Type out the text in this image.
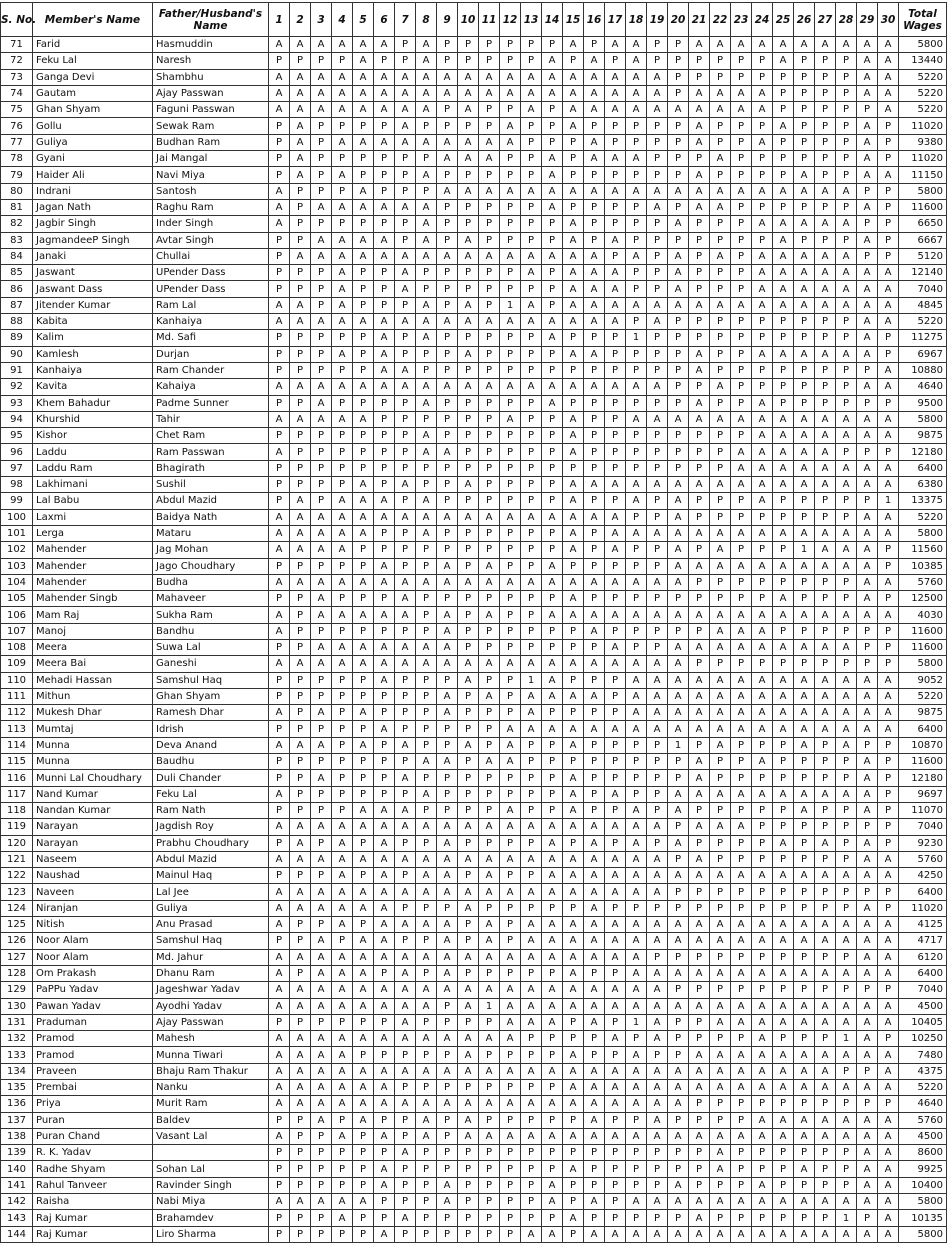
S. No.	Member's Name	Father/Husband's Name	1	2	3	4	5	6	7	8	9	10	11	12	13	14	15	16	17	18	19	20	21	22	23	24	25	26	27	28	29	30	Total Wages
71	Farid	Hasmuddin	A	A	A	A	A	A	P	A	P	P	P	P	P	P	A	P	A	A	P	P	A	A	A	A	A	A	A	A	A	A	5800
72	Feku Lal	Naresh	P	P	P	P	A	P	P	A	P	P	P	P	P	A	P	A	P	A	P	P	P	P	P	P	A	P	P	P	A	A	13440
73	Ganga Devi	Shambhu	A	A	A	A	A	A	A	A	A	A	A	A	A	A	A	A	A	A	A	P	P	P	P	P	P	P	P	P	A	A	5220
74	Gautam	Ajay Passwan	A	A	A	A	A	A	A	A	A	A	A	A	A	A	A	A	A	A	A	P	A	A	A	A	P	P	P	P	A	A	5220
75	Ghan Shyam	Faguni Passwan	A	A	A	A	A	A	A	A	P	A	P	P	A	P	A	A	A	A	A	A	A	A	A	A	P	P	P	P	P	A	5220
76	Gollu	Sewak Ram	P	A	P	P	P	P	A	P	P	P	P	A	P	P	A	P	P	P	P	P	A	P	P	P	A	P	P	P	A	P	11020
77	Guliya	Budhan Ram	P	A	P	A	A	A	A	A	A	A	A	A	P	P	P	A	P	P	P	P	A	P	P	A	P	P	P	P	A	P	9380
78	Gyani	Jai Mangal	P	A	P	P	P	P	P	P	A	A	A	P	P	A	P	A	A	A	P	P	P	A	P	P	P	P	P	P	A	P	11020
79	Haider Ali	Navi Miya	P	A	P	A	P	P	P	A	P	P	P	P	P	A	P	P	P	P	P	P	A	P	P	P	P	A	P	P	A	A	11150
80	Indrani	Santosh	A	P	P	P	A	P	P	P	A	A	A	A	A	A	A	A	A	A	A	A	A	A	A	A	A	A	A	A	P	P	5800
81	Jagan Nath	Raghu Ram	A	P	A	A	A	A	A	A	P	P	P	P	P	A	P	P	P	P	A	P	A	A	P	P	P	P	P	P	A	P	11600
82	Jagbir Singh	Inder Singh	A	P	P	P	P	P	P	A	P	P	P	P	P	P	A	P	P	P	P	A	P	P	P	A	A	A	A	A	P	P	6650
83	JagmandeeP Singh	Avtar Singh	P	P	A	A	A	A	P	A	P	A	P	P	P	P	A	P	A	P	P	P	P	P	P	P	A	P	P	P	A	P	6667
84	Janaki	Chullai	P	A	A	A	A	A	A	A	A	A	A	A	A	A	A	A	P	A	P	A	P	A	P	A	A	A	A	A	P	P	5120
85	Jaswant	UPender Dass	P	P	P	A	P	P	A	P	P	P	P	P	A	P	A	A	A	P	P	A	P	P	P	A	A	A	A	A	A	A	12140
86	Jaswant Dass	UPender Dass	P	P	P	A	P	P	A	P	P	P	P	P	P	P	A	A	A	P	P	A	P	P	P	A	A	A	A	A	A	A	7040
87	Jitender Kumar	Ram Lal	A	A	P	A	P	P	P	A	P	A	P	1	A	P	A	A	A	A	A	A	A	A	A	A	A	A	A	A	A	A	4845
88	Kabita	Kanhaiya	A	A	A	A	A	A	A	A	A	A	A	A	A	A	A	A	A	P	A	P	P	P	P	P	P	P	P	P	A	A	5220
89	Kalim	Md. Safi	P	P	P	P	P	A	P	A	P	P	P	P	P	A	P	P	P	1	P	P	P	P	P	P	P	P	P	P	A	P	11275
90	Kamlesh	Durjan	P	P	P	A	P	A	P	P	P	A	P	P	P	P	A	A	P	P	P	P	A	P	P	A	A	A	A	A	A	P	6967
91	Kanhaiya	Ram Chander	P	P	P	P	P	A	A	P	P	P	P	P	P	P	P	P	P	P	P	P	A	P	P	P	P	P	P	P	P	A	10880
92	Kavita	Kahaiya	A	A	A	A	A	A	A	A	A	A	A	A	A	A	A	A	A	A	A	P	P	A	P	P	P	P	P	P	A	A	4640
93	Khem Bahadur	Padme Sunner	P	P	A	P	P	P	P	A	P	P	P	P	P	A	P	P	P	P	P	P	A	P	P	A	P	P	P	P	P	P	9500
94	Khurshid	Tahir	A	A	A	A	A	P	P	P	P	P	P	A	P	P	A	P	P	A	A	A	A	A	A	A	A	A	A	A	A	A	5800
95	Kishor	Chet Ram	P	P	P	P	P	P	P	A	P	P	P	P	P	P	A	P	P	P	P	P	P	P	P	A	A	A	A	A	A	A	9875
96	Laddu	Ram Passwan	A	P	P	P	P	P	P	A	A	P	P	P	P	P	A	P	P	P	P	P	P	P	A	A	A	A	A	P	P	P	12180
97	Laddu Ram	Bhagirath	P	P	P	P	P	P	P	P	P	P	P	P	P	P	P	P	P	P	P	P	P	P	A	A	A	A	A	A	A	A	6400
98	Lakhimani	Sushil	P	P	P	P	A	P	A	P	P	A	P	P	P	P	A	A	A	A	A	A	A	A	A	A	A	A	A	A	A	A	6380
99	Lal Babu	Abdul Mazid	P	A	P	A	A	A	P	A	P	P	P	P	P	P	A	P	P	A	P	A	P	P	P	A	P	P	P	P	P	1	13375
100	Laxmi	Baidya Nath	A	A	A	A	A	A	A	A	A	A	A	A	A	A	A	A	A	P	P	A	P	P	P	P	P	P	P	P	A	A	5220
101	Lerga	Mataru	A	A	A	A	A	P	P	A	P	P	P	P	P	P	A	P	A	A	A	A	A	A	A	A	A	A	A	A	A	A	5800
102	Mahender	Jag Mohan	A	A	A	A	P	P	P	P	P	P	P	P	P	P	A	P	A	P	P	A	P	A	P	P	P	1	A	A	A	P	11560
103	Mahender	Jago Choudhary	P	P	P	P	P	A	P	P	A	P	A	P	P	A	P	P	P	P	P	A	A	A	A	A	A	A	A	A	A	P	10385
104	Mahender	Budha	A	A	A	A	A	A	A	A	A	A	A	A	A	A	A	A	A	A	A	A	P	P	P	P	P	P	P	P	A	A	5760
105	Mahender Singb	Mahaveer	P	P	A	P	P	P	A	P	P	P	P	P	P	P	A	P	P	P	P	P	P	P	P	P	A	P	P	P	A	P	12500
106	Mam Raj	Sukha Ram	A	P	A	A	A	A	A	P	A	P	A	P	P	A	A	A	A	A	A	A	A	A	A	A	A	A	A	A	A	A	4030
107	Manoj	Bandhu	A	P	P	P	P	P	P	P	A	P	P	P	P	P	P	A	P	P	P	P	P	A	A	A	P	P	P	P	P	P	11600
108	Meera	Suwa Lal	P	P	A	A	A	A	A	A	A	P	P	P	P	P	P	P	A	P	P	A	A	A	A	A	A	A	A	A	P	P	11600
109	Meera Bai	Ganeshi	A	A	A	A	A	A	A	A	A	A	A	A	A	A	A	A	A	A	A	A	P	P	P	P	P	P	P	P	P	P	5800
110	Mehadi Hassan	Samshul Haq	P	P	P	P	P	A	P	P	P	A	P	P	1	A	P	P	P	A	A	A	A	A	A	A	A	A	A	A	A	A	9052
111	Mithun	Ghan Shyam	P	P	P	P	P	P	P	P	A	P	A	P	A	A	A	A	P	A	A	A	A	A	A	A	A	A	A	A	A	A	5220
112	Mukesh Dhar	Ramesh Dhar	A	P	A	P	A	P	P	P	A	P	P	P	A	P	P	P	P	A	A	A	A	A	A	A	A	A	A	A	A	A	9875
113	Mumtaj	Idrish	P	P	P	P	P	A	P	P	P	P	P	A	A	A	A	A	A	A	A	A	A	A	A	A	A	A	A	A	A	A	6400
114	Munna	Deva Anand	A	A	A	P	A	P	A	P	P	A	P	A	P	P	A	P	P	P	P	1	P	A	P	P	P	A	P	A	P	P	10870
115	Munna	Baudhu	P	P	P	P	P	P	P	A	A	P	A	A	P	P	P	P	P	P	P	P	A	P	P	A	P	P	P	P	A	P	11600
116	Munni Lal Choudhary	Duli Chander	P	P	A	P	P	P	A	P	P	P	P	P	P	P	A	P	P	P	P	P	A	P	P	P	P	P	P	P	A	P	12180
117	Nand Kumar	Feku Lal	A	P	P	P	P	P	P	A	P	P	P	P	P	P	A	P	A	P	P	A	A	A	A	A	A	A	A	A	A	P	9697
118	Nandan Kumar	Ram Nath	P	P	P	P	A	A	A	P	P	P	P	A	P	P	A	P	P	A	P	A	P	P	P	P	P	A	P	P	A	P	11070
119	Narayan	Jagdish Roy	A	A	A	A	A	A	A	A	A	A	A	A	A	A	A	A	A	A	A	P	A	A	A	P	P	P	P	P	P	P	7040
120	Narayan	Prabhu Choudhary	P	A	P	A	P	A	P	P	A	P	P	P	P	A	P	A	P	A	P	A	P	P	P	P	A	P	A	P	A	P	9230
121	Naseem	Abdul Mazid	A	A	A	A	A	A	A	A	A	A	A	A	A	A	A	A	A	A	A	P	A	P	P	P	P	P	P	P	A	A	5760
122	Naushad	Mainul Haq	P	P	P	A	P	A	P	A	A	P	A	P	P	A	A	A	A	A	A	A	A	A	A	A	A	A	A	A	A	A	4250
123	Naveen	Lal Jee	A	A	A	A	A	A	A	A	A	A	A	A	A	A	A	A	A	A	A	P	P	P	P	P	P	P	P	P	P	P	6400
124	Niranjan	Guliya	A	A	A	A	A	A	P	P	P	A	P	P	P	P	P	A	P	P	P	P	P	P	P	P	P	P	P	P	A	P	11020
125	Nitish	Anu Prasad	A	P	P	A	P	A	A	A	A	P	A	P	A	A	A	A	A	A	A	A	A	A	A	A	A	A	A	A	A	A	4125
126	Noor Alam	Samshul Haq	P	P	A	P	A	A	P	P	A	P	A	P	A	A	A	A	A	A	A	A	A	A	A	A	A	A	A	A	A	A	4717
127	Noor Alam	Md. Jahur	A	A	A	A	A	A	A	A	A	A	A	A	A	A	A	A	A	A	P	P	P	P	P	P	P	P	P	P	A	A	6120
128	Om Prakash	Dhanu Ram	A	P	A	A	A	P	A	P	A	P	P	P	P	P	A	P	P	A	A	A	A	A	A	A	A	A	A	A	A	A	6400
129	PaPPu Yadav	Jageshwar Yadav	A	A	A	A	A	A	A	A	A	A	A	A	A	A	A	A	A	A	A	P	P	P	P	P	P	P	P	P	P	P	7040
130	Pawan Yadav	Ayodhi Yadav	A	A	A	A	A	A	A	A	P	A	1	A	A	A	A	A	A	A	A	A	A	A	A	A	A	A	A	A	A	A	4500
131	Praduman	Ajay Passwan	P	P	P	P	P	P	A	P	P	P	P	A	A	A	P	A	P	1	A	P	P	A	A	A	A	A	A	A	A	A	10405
132	Pramod	Mahesh	A	A	A	A	A	A	A	A	A	A	A	A	P	P	P	P	A	P	A	P	P	P	P	A	P	P	P	1	A	P	10250
133	Pramod	Munna Tiwari	A	A	A	A	P	P	P	P	P	A	P	P	P	P	A	P	P	A	P	P	A	A	A	A	A	A	A	A	A	A	7480
134	Praveen	Bhaju Ram Thakur	A	A	A	A	A	A	A	A	A	A	A	A	A	A	A	A	A	A	A	A	A	A	A	A	A	A	A	P	P	A	4375
135	Prembai	Nanku	A	A	A	A	A	A	P	P	P	P	P	P	P	P	A	A	A	A	A	A	A	A	A	A	A	A	A	A	A	A	5220
136	Priya	Murit Ram	A	A	A	A	A	A	A	A	A	A	A	A	A	A	A	A	A	A	A	A	P	P	P	P	P	P	P	P	P	P	4640
137	Puran	Baldev	P	P	A	P	A	P	P	A	P	A	P	P	P	P	P	A	P	P	A	P	P	P	P	A	A	A	A	A	A	A	5760
138	Puran Chand	Vasant Lal	A	P	P	A	P	A	P	A	P	A	A	A	A	A	A	A	A	A	A	A	A	A	A	A	A	A	A	A	A	A	4500
139	R. K. Yadav		P	P	P	P	P	P	A	P	P	P	P	P	P	P	P	P	P	P	P	P	P	A	P	P	P	P	P	P	A	A	8600
140	Radhe Shyam	Sohan Lal	P	P	P	P	P	A	P	P	P	P	P	P	P	P	A	P	P	P	P	P	P	A	P	P	P	A	P	P	A	A	9925
141	Rahul Tanveer	Ravinder Singh	P	P	P	P	P	A	P	P	A	P	P	P	P	A	P	P	P	P	P	A	P	P	P	A	P	P	P	P	A	A	10400
142	Raisha	Nabi Miya	A	A	A	A	A	P	P	P	A	P	P	P	P	A	P	A	P	A	A	A	A	A	A	A	A	A	A	A	A	A	5800
143	Raj Kumar	Brahamdev	P	P	P	A	P	P	A	P	P	P	P	P	P	P	A	P	P	P	P	P	A	P	P	P	P	P	P	1	P	A	10135
144	Raj Kumar	Liro Sharma	P	P	P	P	P	A	P	P	P	P	P	P	A	A	P	A	A	A	A	A	A	A	A	A	A	A	A	A	A	A	5800
